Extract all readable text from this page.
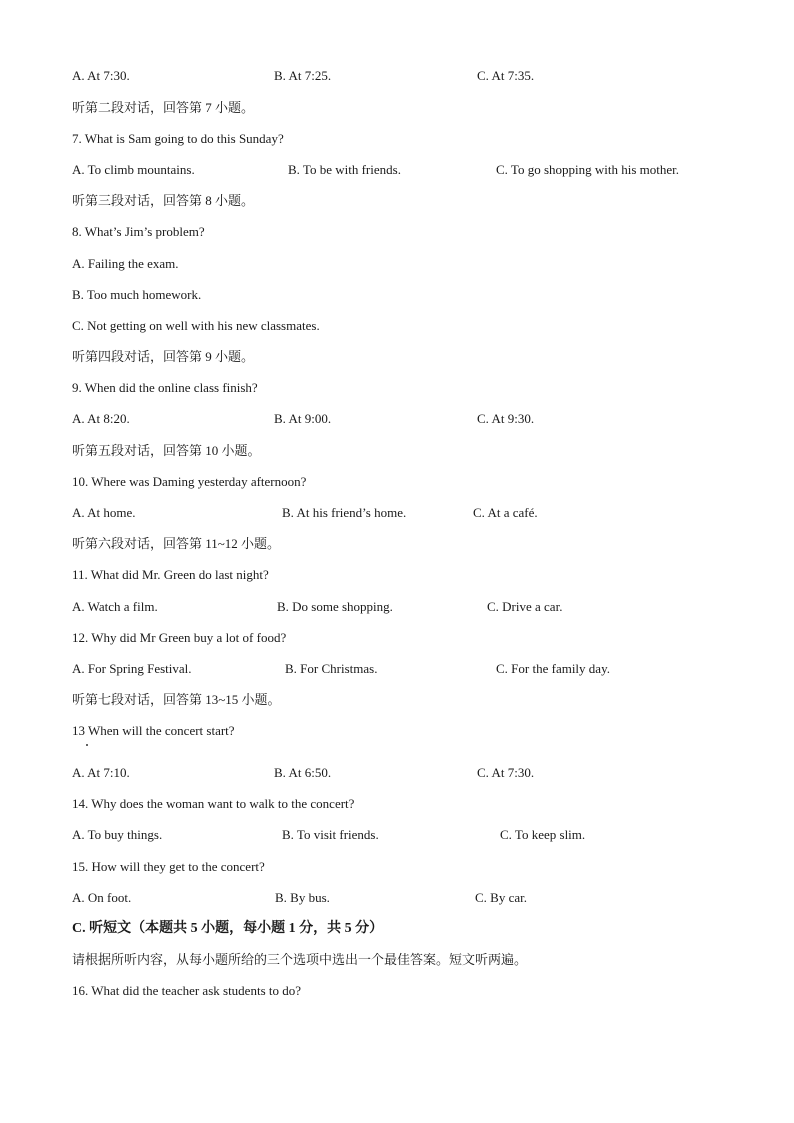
A. At 7:30.	B. At 7:25.	C. At 7:35.
听第二段对话，回答第 7 小题。
7. What is Sam going to do this Sunday?
A. To climb mountains.	B. To be with friends.	C. To go shopping with his mother.
听第三段对话，回答第 8 小题。
8. What’s Jim’s problem?
A. Failing the exam.
B. Too much homework.
C. Not getting on well with his new classmates.
听第四段对话，回答第 9 小题。
9. When did the online class finish?
A. At 8:20.	B. At 9:00.	C. At 9:30.
听第五段对话，回答第 10 小题。
10. Where was Daming yesterday afternoon?
A. At home.	B. At his friend’s home.	C. At a café.
听第六段对话，回答第 11~12 小题。
11. What did Mr. Green do last night?
A. Watch a film.	B. Do some shopping.	C. Drive a car.
12. Why did Mr Green buy a lot of food?
A. For Spring Festival.	B. For Christmas.	C. For the family day.
听第七段对话，回答第 13~15 小题。
13 When will the concert start?
A. At 7:10.	B. At 6:50.	C. At 7:30.
14. Why does the woman want to walk to the concert?
A. To buy things.	B. To visit friends.	C. To keep slim.
15. How will they get to the concert?
A. On foot.	B. By bus.	C. By car.
C. 听短文（本题共 5 小题，每小题 1 分，共 5 分）
请根据所听内容，从每小题所给的三个选项中选出一个最佳答案。短文听两遍。
16. What did the teacher ask students to do?
